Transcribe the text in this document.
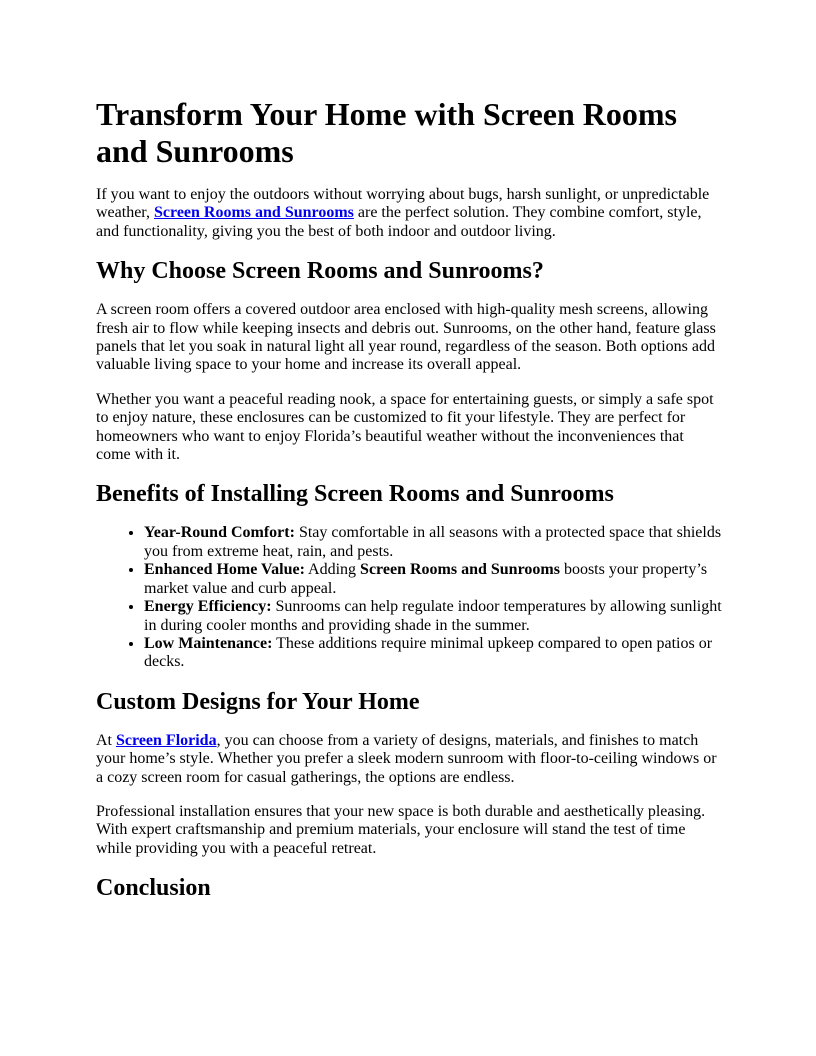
Transform Your Home with Screen Rooms and Sunrooms

If you want to enjoy the outdoors without worrying about bugs, harsh sunlight, or unpredictable weather, Screen Rooms and Sunrooms are the perfect solution. They combine comfort, style, and functionality, giving you the best of both indoor and outdoor living.

Why Choose Screen Rooms and Sunrooms?

A screen room offers a covered outdoor area enclosed with high-quality mesh screens, allowing fresh air to flow while keeping insects and debris out. Sunrooms, on the other hand, feature glass panels that let you soak in natural light all year round, regardless of the season. Both options add valuable living space to your home and increase its overall appeal.

Whether you want a peaceful reading nook, a space for entertaining guests, or simply a safe spot to enjoy nature, these enclosures can be customized to fit your lifestyle. They are perfect for homeowners who want to enjoy Florida’s beautiful weather without the inconveniences that come with it.

Benefits of Installing Screen Rooms and Sunrooms
• Year-Round Comfort: Stay comfortable in all seasons with a protected space that shields you from extreme heat, rain, and pests.
• Enhanced Home Value: Adding Screen Rooms and Sunrooms boosts your property’s market value and curb appeal.
• Energy Efficiency: Sunrooms can help regulate indoor temperatures by allowing sunlight in during cooler months and providing shade in the summer.
• Low Maintenance: These additions require minimal upkeep compared to open patios or decks.
Custom Designs for Your Home

At Screen Florida, you can choose from a variety of designs, materials, and finishes to match your home’s style. Whether you prefer a sleek modern sunroom with floor-to-ceiling windows or a cozy screen room for casual gatherings, the options are endless.

Professional installation ensures that your new space is both durable and aesthetically pleasing. With expert craftsmanship and premium materials, your enclosure will stand the test of time while providing you with a peaceful retreat.

Conclusion
